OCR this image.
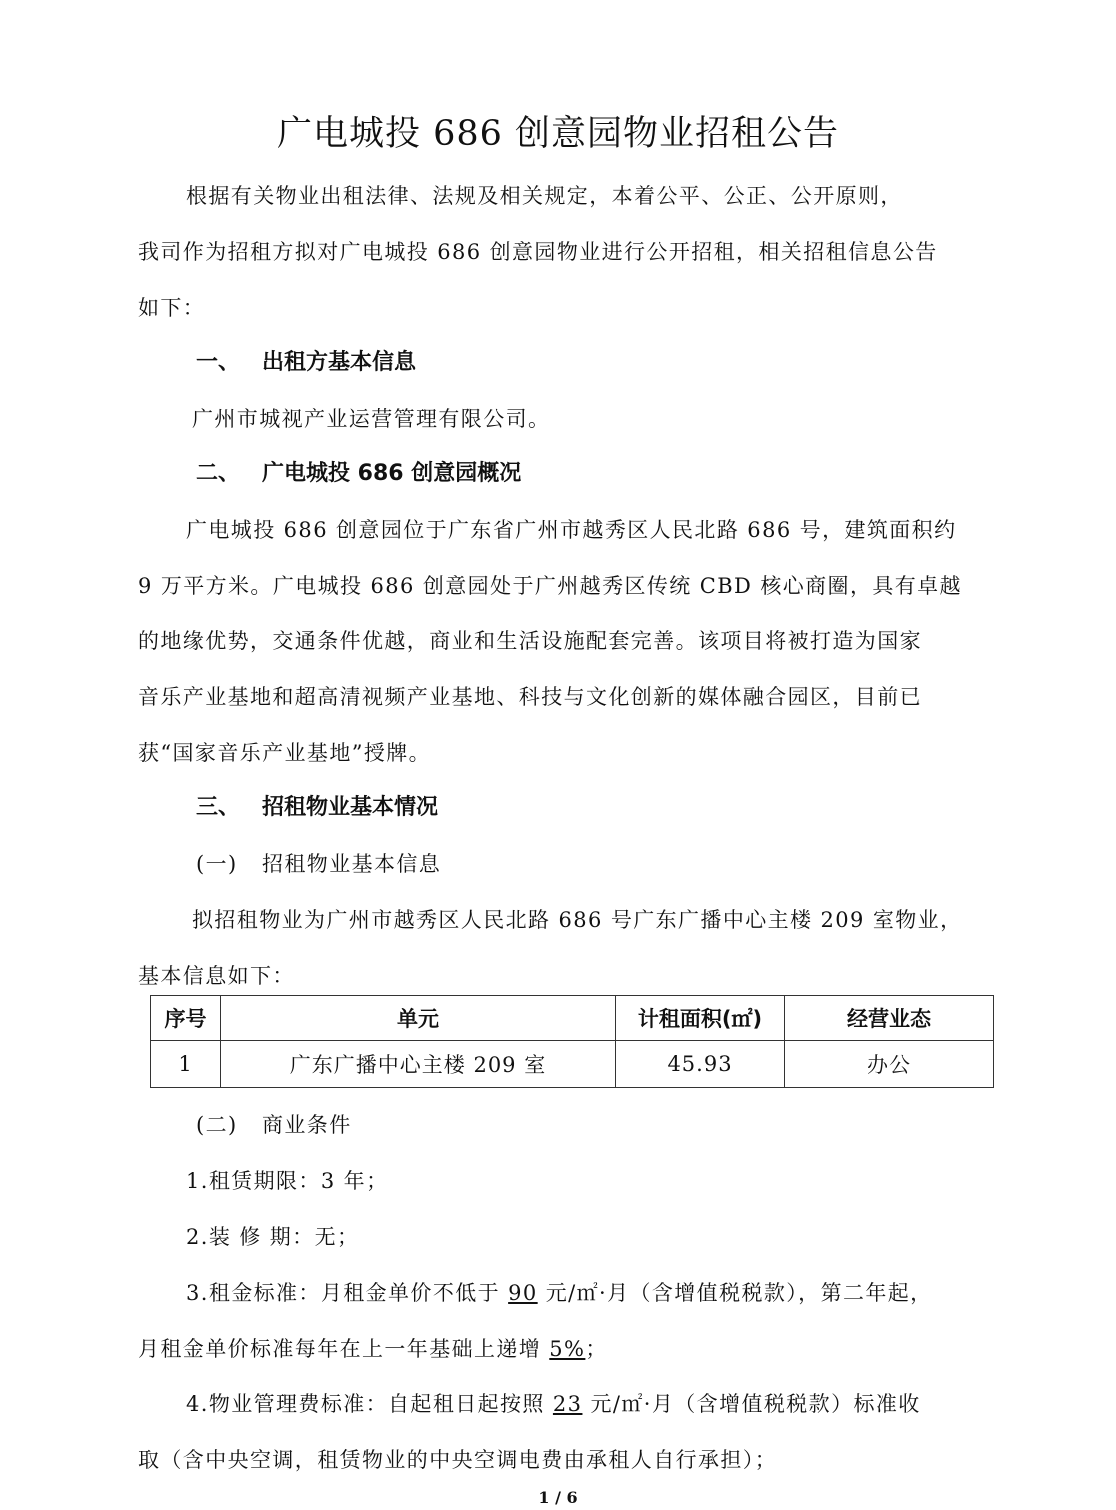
广电城投 686 创意园物业招租公告
根据有关物业出租法律、法规及相关规定，本着公平、公正、公开原则，
我司作为招租方拟对广电城投 686 创意园物业进行公开招租，相关招租信息公告
如下：
一、 出租方基本信息
广州市城视产业运营管理有限公司。
二、 广电城投 686 创意园概况
广电城投 686 创意园位于广东省广州市越秀区人民北路 686 号，建筑面积约
9 万平方米。广电城投 686 创意园处于广州越秀区传统 CBD 核心商圈，具有卓越
的地缘优势，交通条件优越，商业和生活设施配套完善。该项目将被打造为国家
音乐产业基地和超高清视频产业基地、科技与文化创新的媒体融合园区，目前已
获“国家音乐产业基地”授牌。
三、 招租物业基本情况
(一) 招租物业基本信息
拟招租物业为广州市越秀区人民北路 686 号广东广播中心主楼 209 室物业，
基本信息如下：
序号	单元	计租面积(㎡)	经营业态
1	广东广播中心主楼 209 室	45.93	办公
(二) 商业条件
1.租赁期限：3 年；
2.装 修 期：无；
3.租金标准：月租金单价不低于 90 元/㎡·月（含增值税税款），第二年起，
月租金单价标准每年在上一年基础上递增 5%；
4.物业管理费标准：自起租日起按照 23 元/㎡·月（含增值税税款）标准收
取（含中央空调，租赁物业的中央空调电费由承租人自行承担）；
1 / 6
